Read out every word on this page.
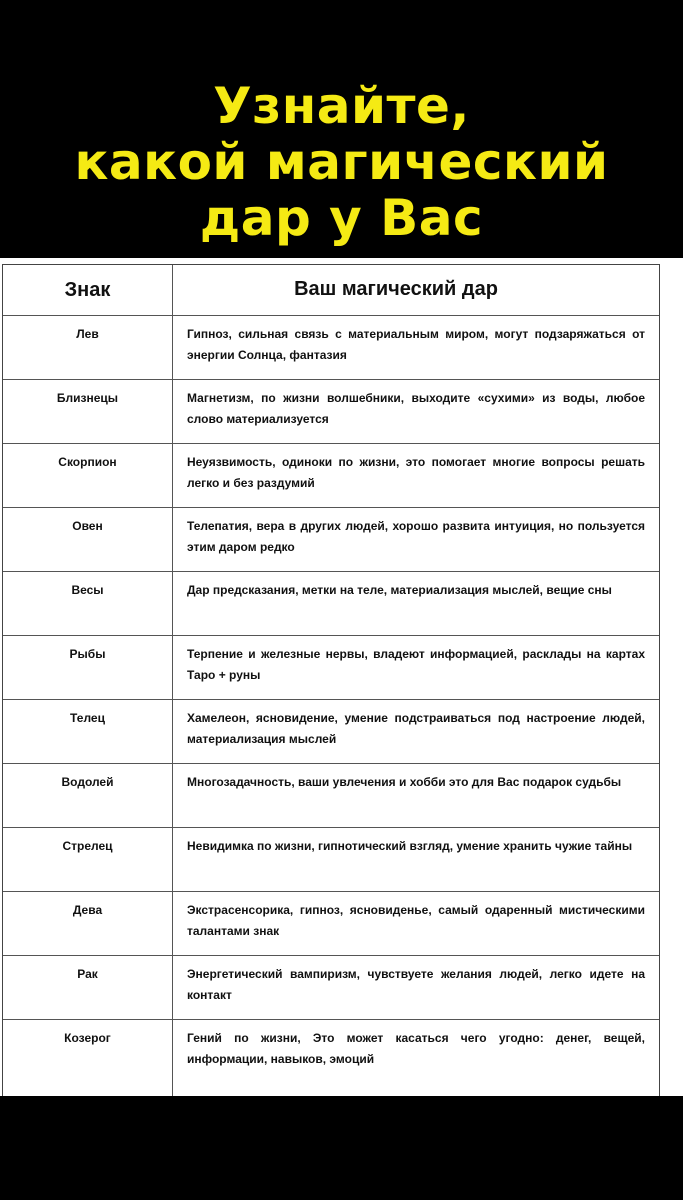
Узнайте,
какой магический
дар у Вас
Знак	Ваш магический дар
Лев	Гипноз, сильная связь с материальным миром, могут подзаряжаться от энергии Солнца, фантазия
Близнецы	Магнетизм, по жизни волшебники, выходите «сухими» из воды, любое слово материализуется
Скорпион	Неуязвимость, одиноки по жизни, это помогает многие вопросы решать легко и без раздумий
Овен	Телепатия, вера в других людей, хорошо развита интуиция, но пользуется этим даром редко
Весы	Дар предсказания, метки на теле, материализация мыслей, вещие сны
Рыбы	Терпение и железные нервы, владеют информацией, расклады на картах Таро + руны
Телец	Хамелеон, ясновидение, умение подстраиваться под настроение людей, материализация мыслей
Водолей	Многозадачность, ваши увлечения и хобби это для Вас подарок судьбы
Стрелец	Невидимка по жизни, гипнотический взгляд, умение хранить чужие тайны
Дева	Экстрасенсорика, гипноз, ясновиденье, самый одаренный мистическими талантами знак
Рак	Энергетический вампиризм, чувствуете желания людей, легко идете на контакт
Козерог	Гений по жизни, Это может касаться чего угодно: денег, вещей, информации, навыков, эмоций
